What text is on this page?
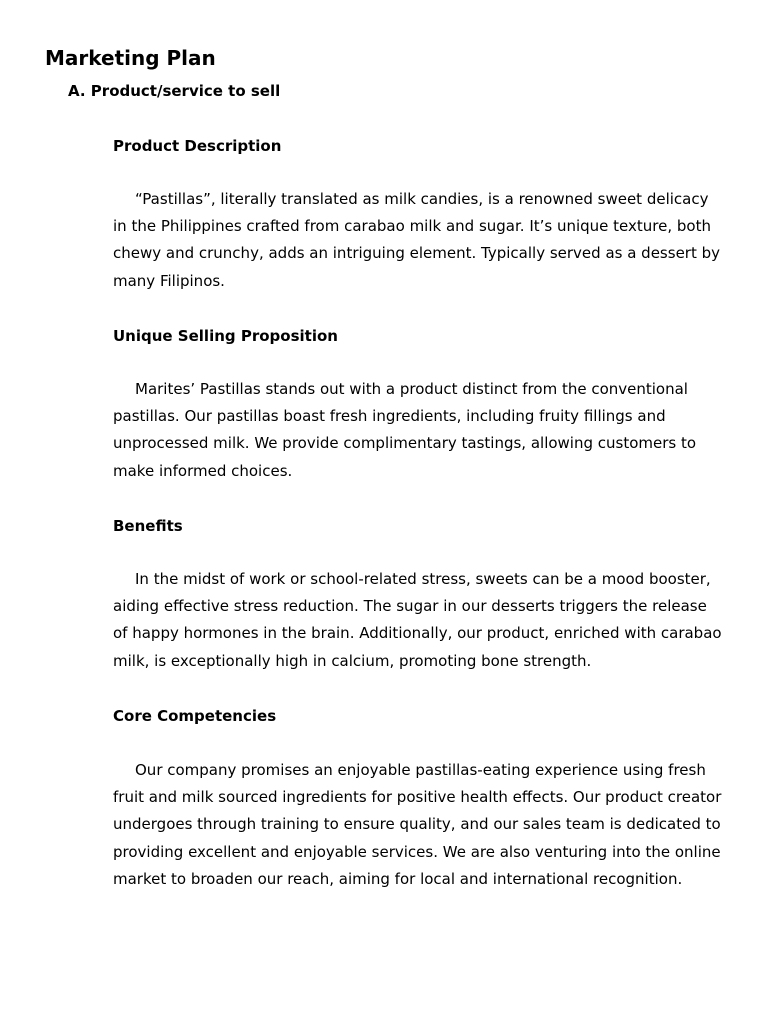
Marketing Plan
A. Product/service to sell
Product Description

“Pastillas”, literally translated as milk candies, is a renowned sweet delicacy in the Philippines crafted from carabao milk and sugar. It’s unique texture, both chewy and crunchy, adds an intriguing element. Typically served as a dessert by many Filipinos.

Unique Selling Proposition

Marites’ Pastillas stands out with a product distinct from the conventional pastillas. Our pastillas boast fresh ingredients, including fruity fillings and unprocessed milk. We provide complimentary tastings, allowing customers to make informed choices.

Benefits

In the midst of work or school-related stress, sweets can be a mood booster, aiding effective stress reduction. The sugar in our desserts triggers the release of happy hormones in the brain. Additionally, our product, enriched with carabao milk, is exceptionally high in calcium, promoting bone strength.

Core Competencies

Our company promises an enjoyable pastillas-eating experience using fresh fruit and milk sourced ingredients for positive health effects. Our product creator undergoes through training to ensure quality, and our sales team is dedicated to providing excellent and enjoyable services. We are also venturing into the online market to broaden our reach, aiming for local and international recognition.
